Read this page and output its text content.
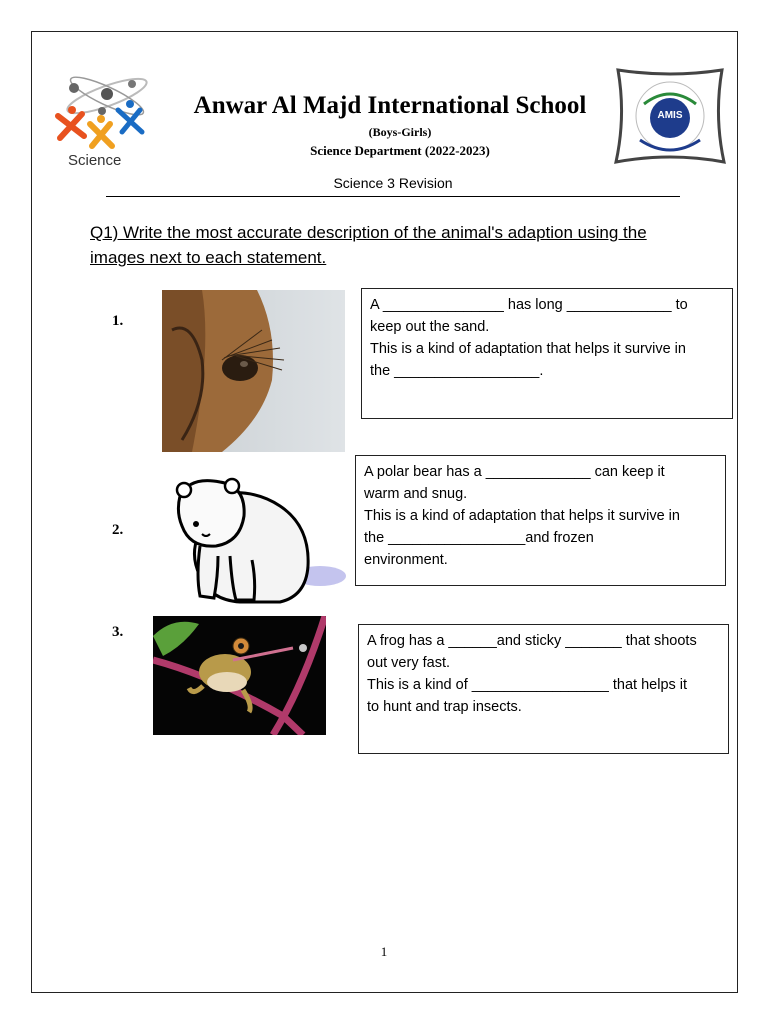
Science
AMIS
Anwar Al Majd International School
(Boys-Girls)
Science Department (2022-2023)
Science 3 Revision
Q1) Write the most accurate description of the animal's adaption using the images next to each statement.
1.
A _______________ has long _____________ to
keep out the sand.
This is a kind of adaptation that helps it survive in
the __________________.
2.
A polar bear has a _____________ can keep it
warm and snug.
This is a kind of adaptation that helps it survive in
the _________________and frozen
environment.
3.
A frog has a ______and sticky _______ that shoots
out very fast.
This is a kind of _________________ that helps it
to hunt and trap insects.
1
